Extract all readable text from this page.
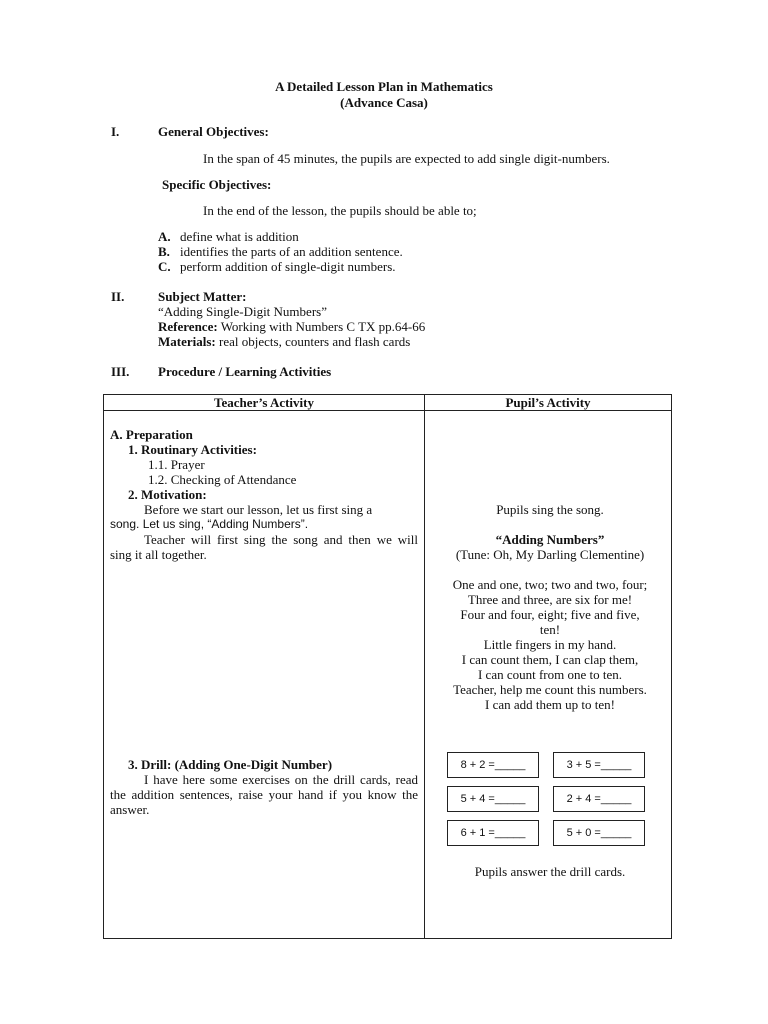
A Detailed Lesson Plan in Mathematics
(Advance Casa)
I.	General Objectives:
In the span of 45 minutes, the pupils are expected to add single digit-numbers.
Specific Objectives:
In the end of the lesson, the pupils should be able to;
A. define what is addition
B. identifies the parts of an addition sentence.
C. perform addition of single-digit numbers.
II.	Subject Matter:
“Adding Single-Digit Numbers”
Reference: Working with Numbers C TX pp.64-66
Materials: real objects, counters and flash cards
III. Procedure / Learning Activities
Teacher’s Activity	Pupil’s Activity
A. Preparation
1. Routinary Activities:
1.1. Prayer
1.2. Checking of Attendance
2. Motivation:
Before we start our lesson, let us first sing a
song. Let us sing, “Adding Numbers”.
Teacher will first sing the song and then we will sing it all together.
3. Drill: (Adding One-Digit Number)
I have here some exercises on the drill cards, read the addition sentences, raise your hand if you know the answer.
Pupils sing the song.
“Adding Numbers”
(Tune: Oh, My Darling Clementine)
One and one, two; two and two, four;
Three and three, are six for me!
Four and four, eight; five and five,
ten!
Little fingers in my hand.
I can count them, I can clap them,
I can count from one to ten.
Teacher, help me count this numbers.
I can add them up to ten!
8 + 2 =_____	3 + 5 =_____
5 + 4 =_____	2 + 4 =_____
6 + 1 =_____	5 + 0 =_____
Pupils answer the drill cards.
